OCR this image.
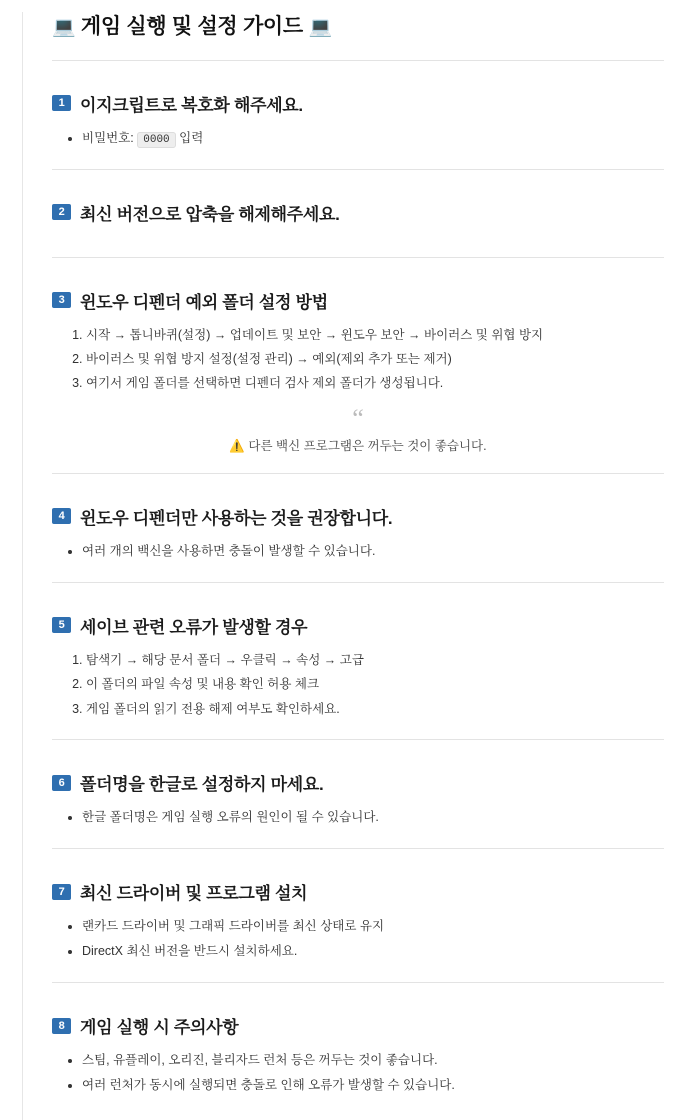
💻 게임 실행 및 설정 가이드 💻
1 이지크립트로 복호화 해주세요.
• 비밀번호: 0000 입력
2 최신 버전으로 압축을 해제해주세요.
3 윈도우 디펜더 예외 폴더 설정 방법
1. 시작 → 톱니바퀴(설정) → 업데이트 및 보안 → 윈도우 보안 → 바이러스 및 위협 방지
2. 바이러스 및 위협 방지 설정(설정 관리) → 예외(제외 추가 또는 제거)
3. 여기서 게임 폴더를 선택하면 디펜더 검사 제외 폴더가 생성됩니다.
“
⚠️ 다른 백신 프로그램은 꺼두는 것이 좋습니다.
4 윈도우 디펜더만 사용하는 것을 권장합니다.
• 여러 개의 백신을 사용하면 충돌이 발생할 수 있습니다.
5 세이브 관련 오류가 발생할 경우
1. 탐색기 → 해당 문서 폴더 → 우클릭 → 속성 → 고급
2. 이 폴더의 파일 속성 및 내용 확인 허용 체크
3. 게임 폴더의 읽기 전용 해제 여부도 확인하세요.
6 폴더명을 한글로 설정하지 마세요.
• 한글 폴더명은 게임 실행 오류의 원인이 될 수 있습니다.
7 최신 드라이버 및 프로그램 설치
• 랜카드 드라이버 및 그래픽 드라이버를 최신 상태로 유지
• DirectX 최신 버전을 반드시 설치하세요.
8 게임 실행 시 주의사항
• 스팀, 유플레이, 오리진, 블리자드 런처 등은 꺼두는 것이 좋습니다.
• 여러 런처가 동시에 실행되면 충돌로 인해 오류가 발생할 수 있습니다.
